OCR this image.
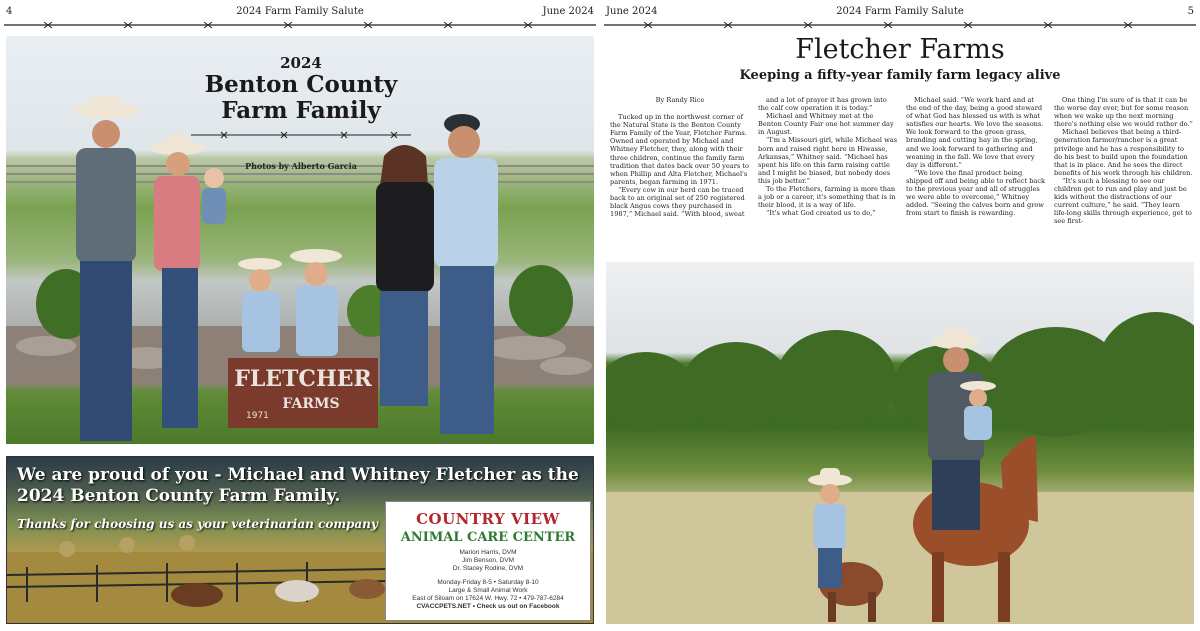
4	2024 Farm Family Salute	June 2024
FLETCHER
FARMS
1971
2024
Benton County
Farm Family
Photos by Alberto Garcia
We are proud of you - Michael and Whitney Fletcher as the 2024 Benton County Farm Family.
Thanks for choosing us as your veterinarian company	COUNTRY VIEW
ANIMAL CARE CENTER
Marion Harris, DVM
Jim Benson, DVM
Dr. Stacey Rodine, DVM
Monday-Friday 8-5 • Saturday 8-10
Large & Small Animal Work
East of Siloam on 17624 W. Hwy. 72 • 479-787-6284
CVACCPETS.NET • Check us out on Facebook
June 2024	2024 Farm Family Salute	5
Fletcher Farms
Keeping a fifty-year family farm legacy alive

By Randy Rice

Tucked up in the northwest corner of the Natural State is the Benton County Farm Family of the Year, Fletcher Farms. Owned and operated by Michael and Whitney Fletcher, they, along with their three children, continue the family farm tradition that dates back over 50 years to when Phillip and Alta Fletcher, Michael's parents, began farming in 1971.

“Every cow in our herd can be traced back to an original set of 250 registered black Angus cows they purchased in 1987,” Michael said. “With blood, sweat

and a lot of prayer it has grown into the calf cow operation it is today.”

Michael and Whitney met at the Benton County Fair one hot summer day in August.

“I'm a Missouri girl, while Michael was born and raised right here in Hiwasse, Arkansas,” Whitney said. “Michael has spent his life on this farm raising cattle and I might be biased, but nobody does this job better.”

To the Fletchers, farming is more than a job or a career, it's something that is in their blood, it is a way of life.

“It's what God created us to do,”

Michael said. “We work hard and at the end of the day, being a good steward of what God has blessed us with is what satisfies our hearts. We love the seasons. We look forward to the green grass, branding and cutting hay in the spring, and we look forward to gathering and weaning in the fall. We love that every day is different.”

“We love the final product being shipped off and being able to reflect back to the previous year and all of struggles we were able to overcome,” Whitney added. “Seeing the calves born and grow from start to finish is rewarding.

One thing I'm sure of is that it can be the worse day ever, but for some reason when we wake up the next morning there's nothing else we would rather do.”

Michael believes that being a third-generation farmer/rancher is a great privilege and he has a responsibility to do his best to build upon the foundation that is in place. And he sees the direct benefits of his work through his children.

“It's such a blessing to see our children get to run and play and just be kids without the distractions of our current culture,” he said. “They learn life-long skills through experience, get to see first-
